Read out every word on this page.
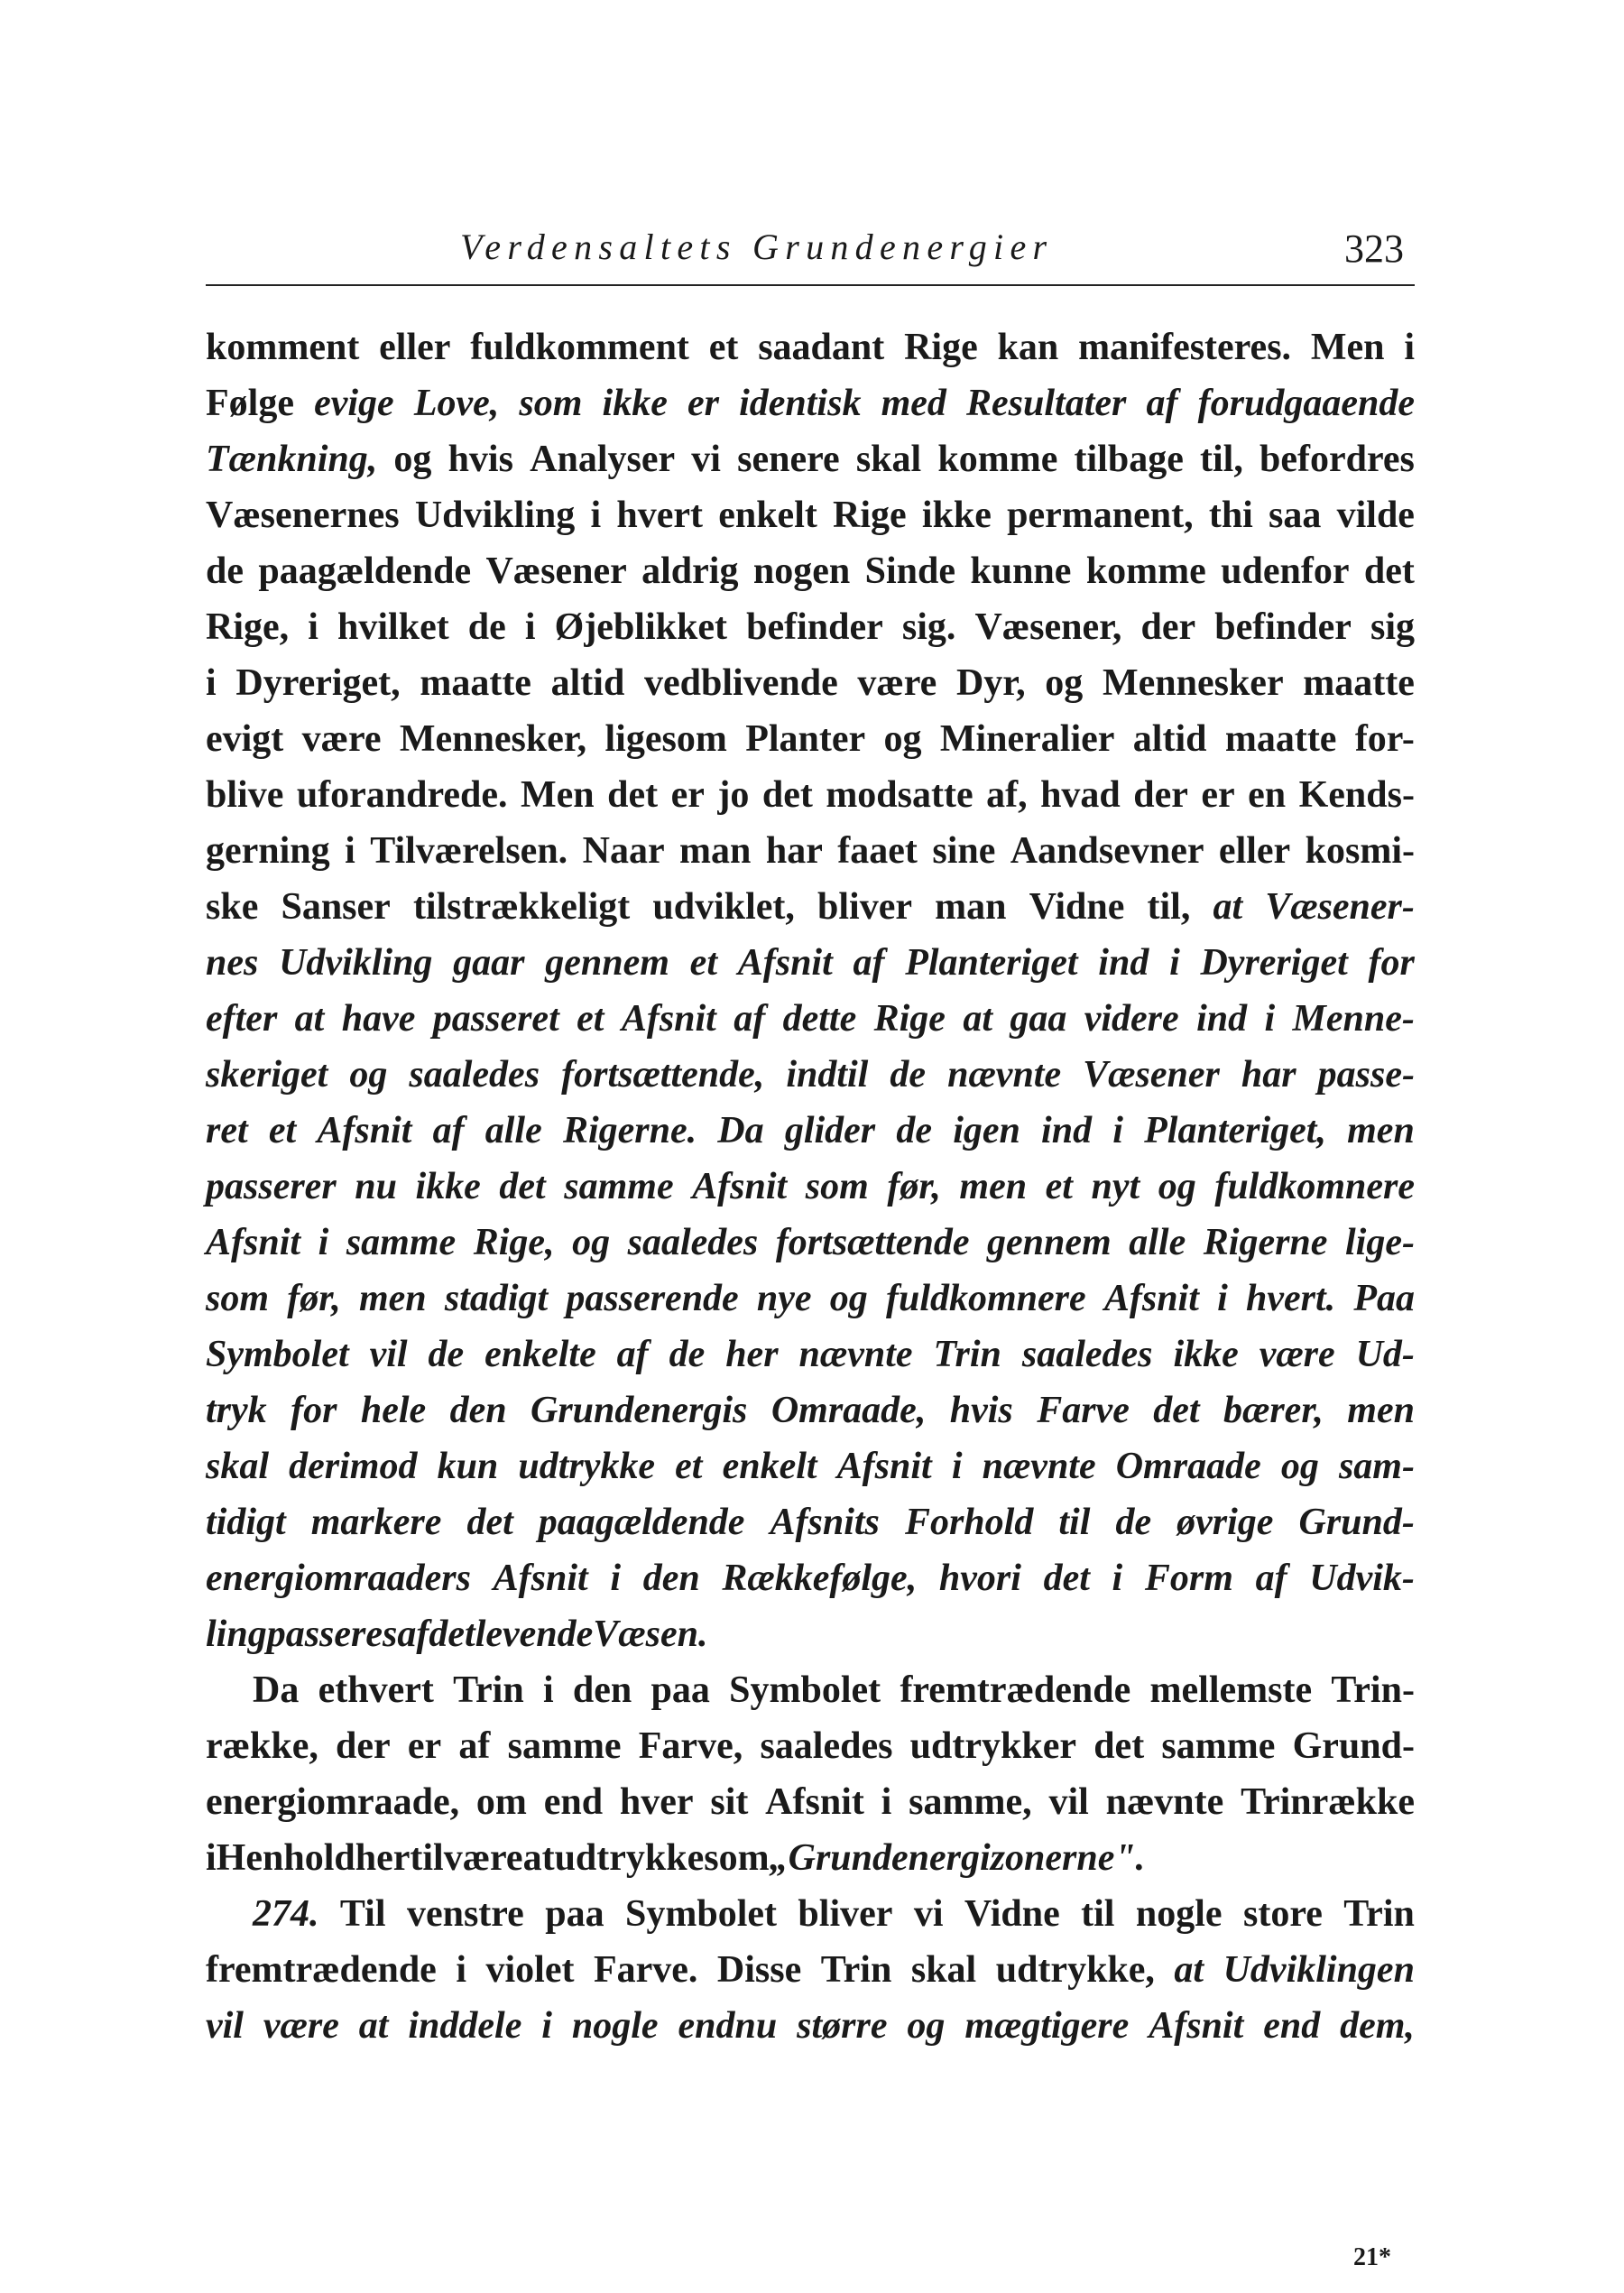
Verdensaltets Grundenergier	323
komment eller fuldkomment et saadant Rige kan manifesteres. Men i
Følge evige Love, som ikke er identisk med Resultater af forudgaaende
Tænkning, og hvis Analyser vi senere skal komme tilbage til, befordres
Væsenernes Udvikling i hvert enkelt Rige ikke permanent, thi saa vilde
de paagældende Væsener aldrig nogen Sinde kunne komme udenfor det
Rige, i hvilket de i Øjeblikket befinder sig. Væsener, der befinder sig
i Dyreriget, maatte altid vedblivende være Dyr, og Mennesker maatte
evigt være Mennesker, ligesom Planter og Mineralier altid maatte for-
blive uforandrede. Men det er jo det modsatte af, hvad der er en Kends-
gerning i Tilværelsen. Naar man har faaet sine Aandsevner eller kosmi-
ske Sanser tilstrækkeligt udviklet, bliver man Vidne til, at Væsener-
nes Udvikling gaar gennem et Afsnit af Planteriget ind i Dyreriget for
efter at have passeret et Afsnit af dette Rige at gaa videre ind i Menne-
skeriget og saaledes fortsættende, indtil de nævnte Væsener har passe-
ret et Afsnit af alle Rigerne. Da glider de igen ind i Planteriget, men
passerer nu ikke det samme Afsnit som før, men et nyt og fuldkomnere
Afsnit i samme Rige, og saaledes fortsættende gennem alle Rigerne lige-
som før, men stadigt passerende nye og fuldkomnere Afsnit i hvert. Paa
Symbolet vil de enkelte af de her nævnte Trin saaledes ikke være Ud-
tryk for hele den Grundenergis Omraade, hvis Farve det bærer, men
skal derimod kun udtrykke et enkelt Afsnit i nævnte Omraade og sam-
tidigt markere det paagældende Afsnits Forhold til de øvrige Grund-
energiomraaders Afsnit i den Rækkefølge, hvori det i Form af Udvik-
ling passeres af det levende Væsen.
Da ethvert Trin i den paa Symbolet fremtrædende mellemste Trin-
række, der er af samme Farve, saaledes udtrykker det samme Grund-
energiomraade, om end hver sit Afsnit i samme, vil nævnte Trinrække
i Henhold hertil være at udtrykke som „Grundenergizonerne".
274. Til venstre paa Symbolet bliver vi Vidne til nogle store Trin
fremtrædende i violet Farve. Disse Trin skal udtrykke, at Udviklingen
vil være at inddele i nogle endnu større og mægtigere Afsnit end dem,
21*
